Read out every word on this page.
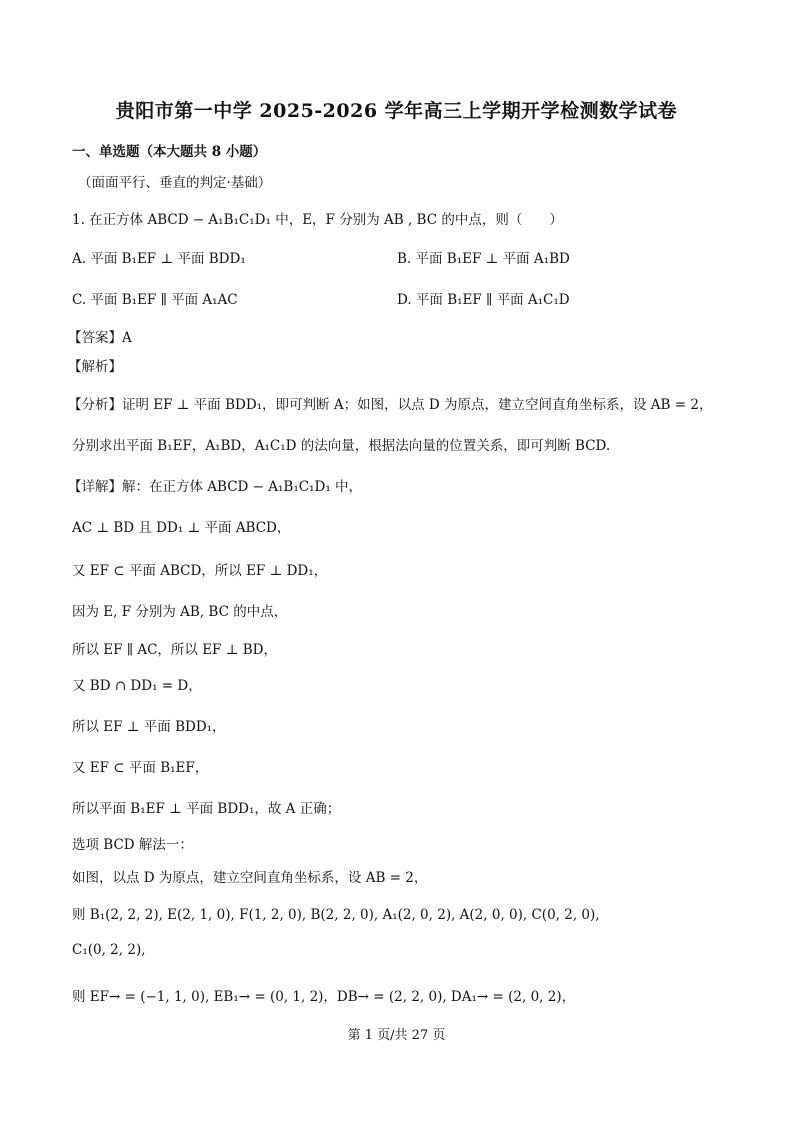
贵阳市第一中学 2025-2026 学年高三上学期开学检测数学试卷
一、单选题（本大题共 8 小题）
（面面平行、垂直的判定·基础）
1. 在正方体 ABCD − A₁B₁C₁D₁ 中，E，F 分别为 AB , BC 的中点，则（　　）
A. 平面 B₁EF ⊥ 平面 BDD₁	B. 平面 B₁EF ⊥ 平面 A₁BD
C. 平面 B₁EF ∥ 平面 A₁AC	D. 平面 B₁EF ∥ 平面 A₁C₁D
【答案】A
【解析】
【分析】证明 EF ⊥ 平面 BDD₁，即可判断 A；如图，以点 D 为原点，建立空间直角坐标系，设 AB = 2，
分别求出平面 B₁EF，A₁BD，A₁C₁D 的法向量，根据法向量的位置关系，即可判断 BCD.
【详解】解：在正方体 ABCD − A₁B₁C₁D₁ 中，
AC ⊥ BD 且 DD₁ ⊥ 平面 ABCD，
又 EF ⊂ 平面 ABCD，所以 EF ⊥ DD₁，
因为 E, F 分别为 AB, BC 的中点，
所以 EF ∥ AC，所以 EF ⊥ BD，
又 BD ∩ DD₁ = D，
所以 EF ⊥ 平面 BDD₁，
又 EF ⊂ 平面 B₁EF，
所以平面 B₁EF ⊥ 平面 BDD₁，故 A 正确；
选项 BCD 解法一：
如图，以点 D 为原点，建立空间直角坐标系，设 AB = 2，
则 B₁(2, 2, 2), E(2, 1, 0), F(1, 2, 0), B(2, 2, 0), A₁(2, 0, 2), A(2, 0, 0), C(0, 2, 0),
C₁(0, 2, 2),
则 EF→ = (−1, 1, 0), EB₁→ = (0, 1, 2)，DB→ = (2, 2, 0), DA₁→ = (2, 0, 2)，
第 1 页/共 27 页
